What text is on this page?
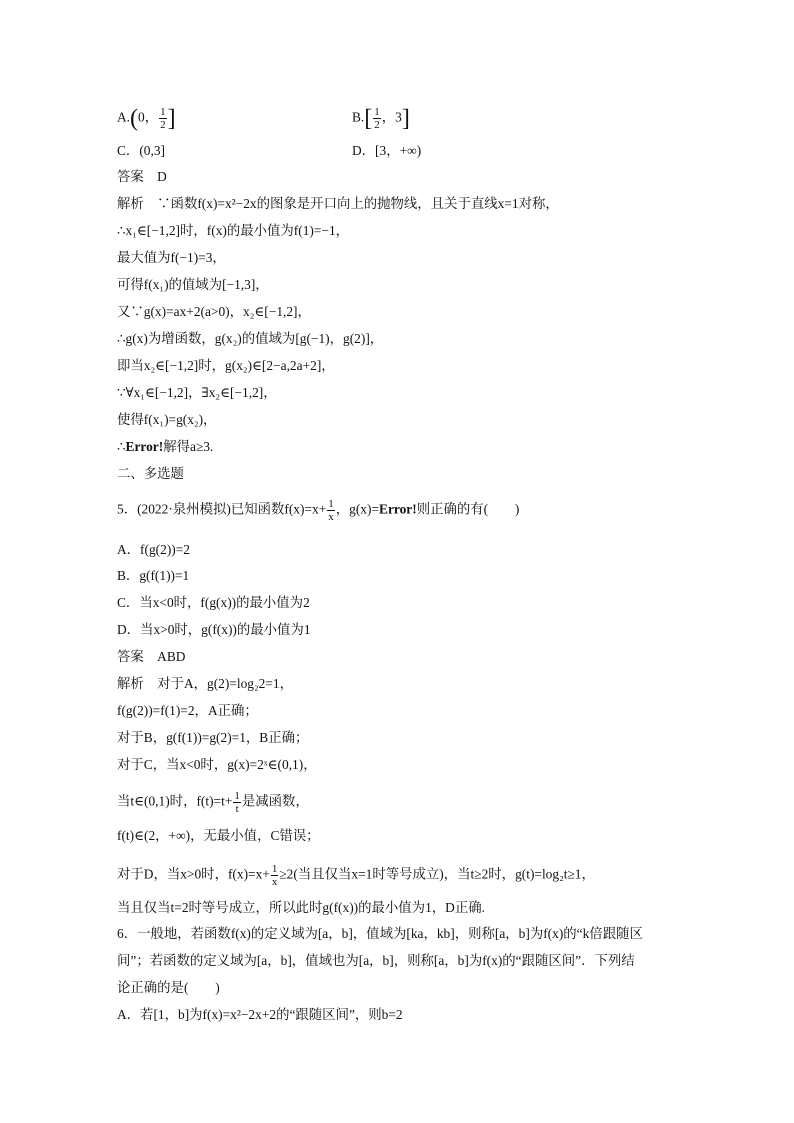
A.(0， $\frac{1}{2}$ ]	$B.[ \frac{1}{2}$ ，3]
C．(0,3]	D．[3，+∞)
答案　D
解析　∵函数f(x)=x²−2x的图象是开口向上的抛物线，且关于直线x=1对称，
∴x₁∈[−1,2]时，f(x)的最小值为f(1)=−1，
最大值为f(−1)=3，
可得f(x₁)的值域为[−1,3]，
又∵g(x)=ax+2(a>0)，x₂∈[−1,2]，
∴g(x)为增函数，g(x₂)的值域为[g(−1)，g(2)]，
即当x₂∈[−1,2]时，g(x₂)∈[2−a,2a+2]，
∵∀x₁∈[−1,2]，∃x₂∈[−1,2]，
使得f(x₁)=g(x₂)，
∴Error!解得a≥3.
二、多选题
5．(2022·泉州模拟)已知函数$f(x)=x+ \frac{1}{x}$ ，g(x)=Error!则正确的有(　　)
A．f(g(2))=2
B．g(f(1))=1
C．当x<0时，f(g(x))的最小值为2
D．当x>0时，g(f(x))的最小值为1
答案　ABD
解析　对于A，g(2)=log₂2=1，
f(g(2))=f(1)=2，A正确；
对于B，g(f(1))=g(2)=1，B正确；
对于C，当x<0时，g(x)=2ˣ∈(0,1)，
当t∈(0,1)时，$f(t)=t+ \frac{1}{t}$ 是减函数，
f(t)∈(2，+∞)，无最小值，C错误；
对于D，当x>0时，$f(x)=x+ \frac{1}{x} \ge 2$(当且仅当x=1时等号成立)，当t≥2时，g(t)=log₂t≥1，
当且仅当t=2时等号成立，所以此时g(f(x))的最小值为1，D正确.
6．一般地，若函数f(x)的定义域为[a，b]，值域为[ka，kb]，则称[a，b]为f(x)的“k倍跟随区
间”；若函数的定义域为[a，b]，值域也为[a，b]，则称[a，b]为f(x)的“跟随区间”．下列结
论正确的是(　　)
A．若[1，b]为f(x)=x²−2x+2的“跟随区间”，则b=2
